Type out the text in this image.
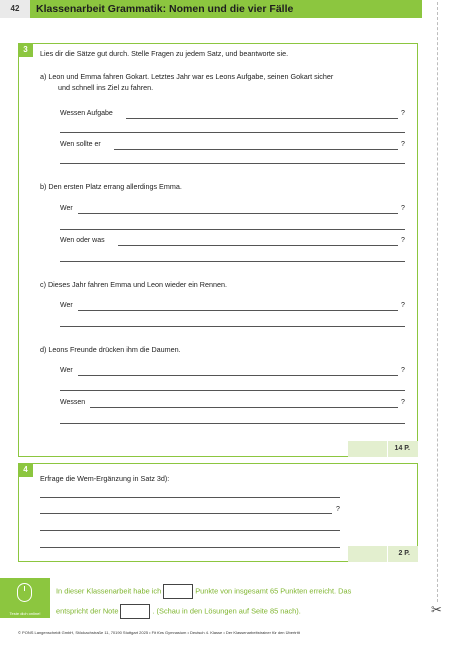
42	Klassenarbeit Grammatik: Nomen und die vier Fälle
3
14 P.
Lies dir die Sätze gut durch. Stelle Fragen zu jedem Satz, und beantworte sie.
a) Leon und Emma fahren Gokart. Letztes Jahr war es Leons Aufgabe, seinen Gokart sicher
und schnell ins Ziel zu fahren.
Wessen Aufgabe	?
Wen sollte er	?
b) Den ersten Platz errang allerdings Emma.
Wer	?
Wen oder was	?
c) Dieses Jahr fahren Emma und Leon wieder ein Rennen.
Wer	?
d) Leons Freunde drücken ihm die Daumen.
Wer	?
Wessen	?
4
2 P.
Erfrage die Wem-Ergänzung in Satz 3d):
?
Teste dich online!
In dieser Klassenarbeit habe ich	Punkte von insgesamt 65 Punkten erreicht. Das
entspricht der Note	. (Schau in den Lösungen auf Seite 85 nach).	✂
© PONS Langenscheidt GmbH, Stöckachstraße 11, 70190 Stuttgart 2025 • Fit fürs Gymnasium • Deutsch 4. Klasse • Der Klassenarbeitstrainer für den Übertritt
